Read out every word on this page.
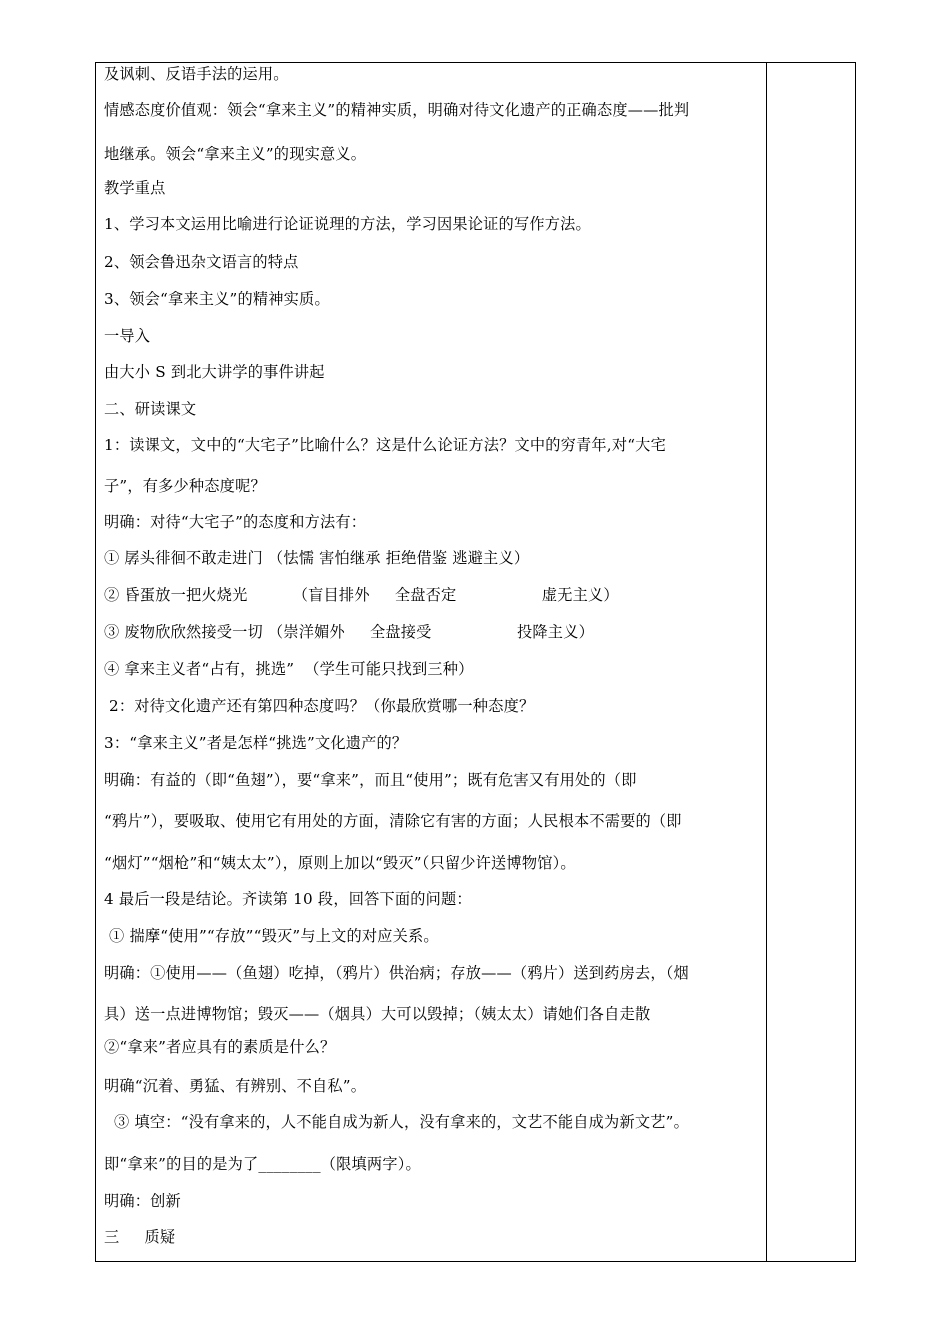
及讽刺、反语手法的运用。
情感态度价值观：领会“拿来主义”的精神实质，明确对待文化遗产的正确态度——批判
地继承。领会“拿来主义”的现实意义。
教学重点
1、学习本文运用比喻进行论证说理的方法，学习因果论证的写作方法。
2、领会鲁迅杂文语言的特点
3、领会“拿来主义”的精神实质。
一导入
由大小 S 到北大讲学的事件讲起
二、研读课文
1：读课文，文中的“大宅子”比喻什么？这是什么论证方法？文中的穷青年,对“大宅
子”，有多少种态度呢？
明确：对待“大宅子”的态度和方法有：
① 孱头徘徊不敢走进门 （怯懦 害怕继承 拒绝借鉴 逃避主义）
② 昏蛋放一把火烧光         （盲目排外     全盘否定                 虚无主义）
③ 废物欣欣然接受一切 （崇洋媚外     全盘接受                 投降主义）
④ 拿来主义者“占有，挑选”  （学生可能只找到三种）
2：对待文化遗产还有第四种态度吗？（你最欣赏哪一种态度？
3：“拿来主义”者是怎样“挑选”文化遗产的？
明确：有益的（即“鱼翅”），要“拿来”，而且“使用”；既有危害又有用处的（即
“鸦片”），要吸取、使用它有用处的方面，清除它有害的方面；人民根本不需要的（即
“烟灯”“烟枪”和“姨太太”），原则上加以“毁灭”（只留少许送博物馆）。
4 最后一段是结论。齐读第 10 段，回答下面的问题：
① 揣摩“使用”“存放”“毁灭”与上文的对应关系。
明确：①使用——（鱼翅）吃掉，（鸦片）供治病；存放——（鸦片）送到药房去，（烟
具）送一点进博物馆；毁灭——（烟具）大可以毁掉；（姨太太）请她们各自走散
②“拿来”者应具有的素质是什么？
明确“沉着、勇猛、有辨别、不自私”。
③ 填空：“没有拿来的，人不能自成为新人，没有拿来的，文艺不能自成为新文艺”。
即“拿来”的目的是为了________（限填两字）。
明确：创新
三     质疑
